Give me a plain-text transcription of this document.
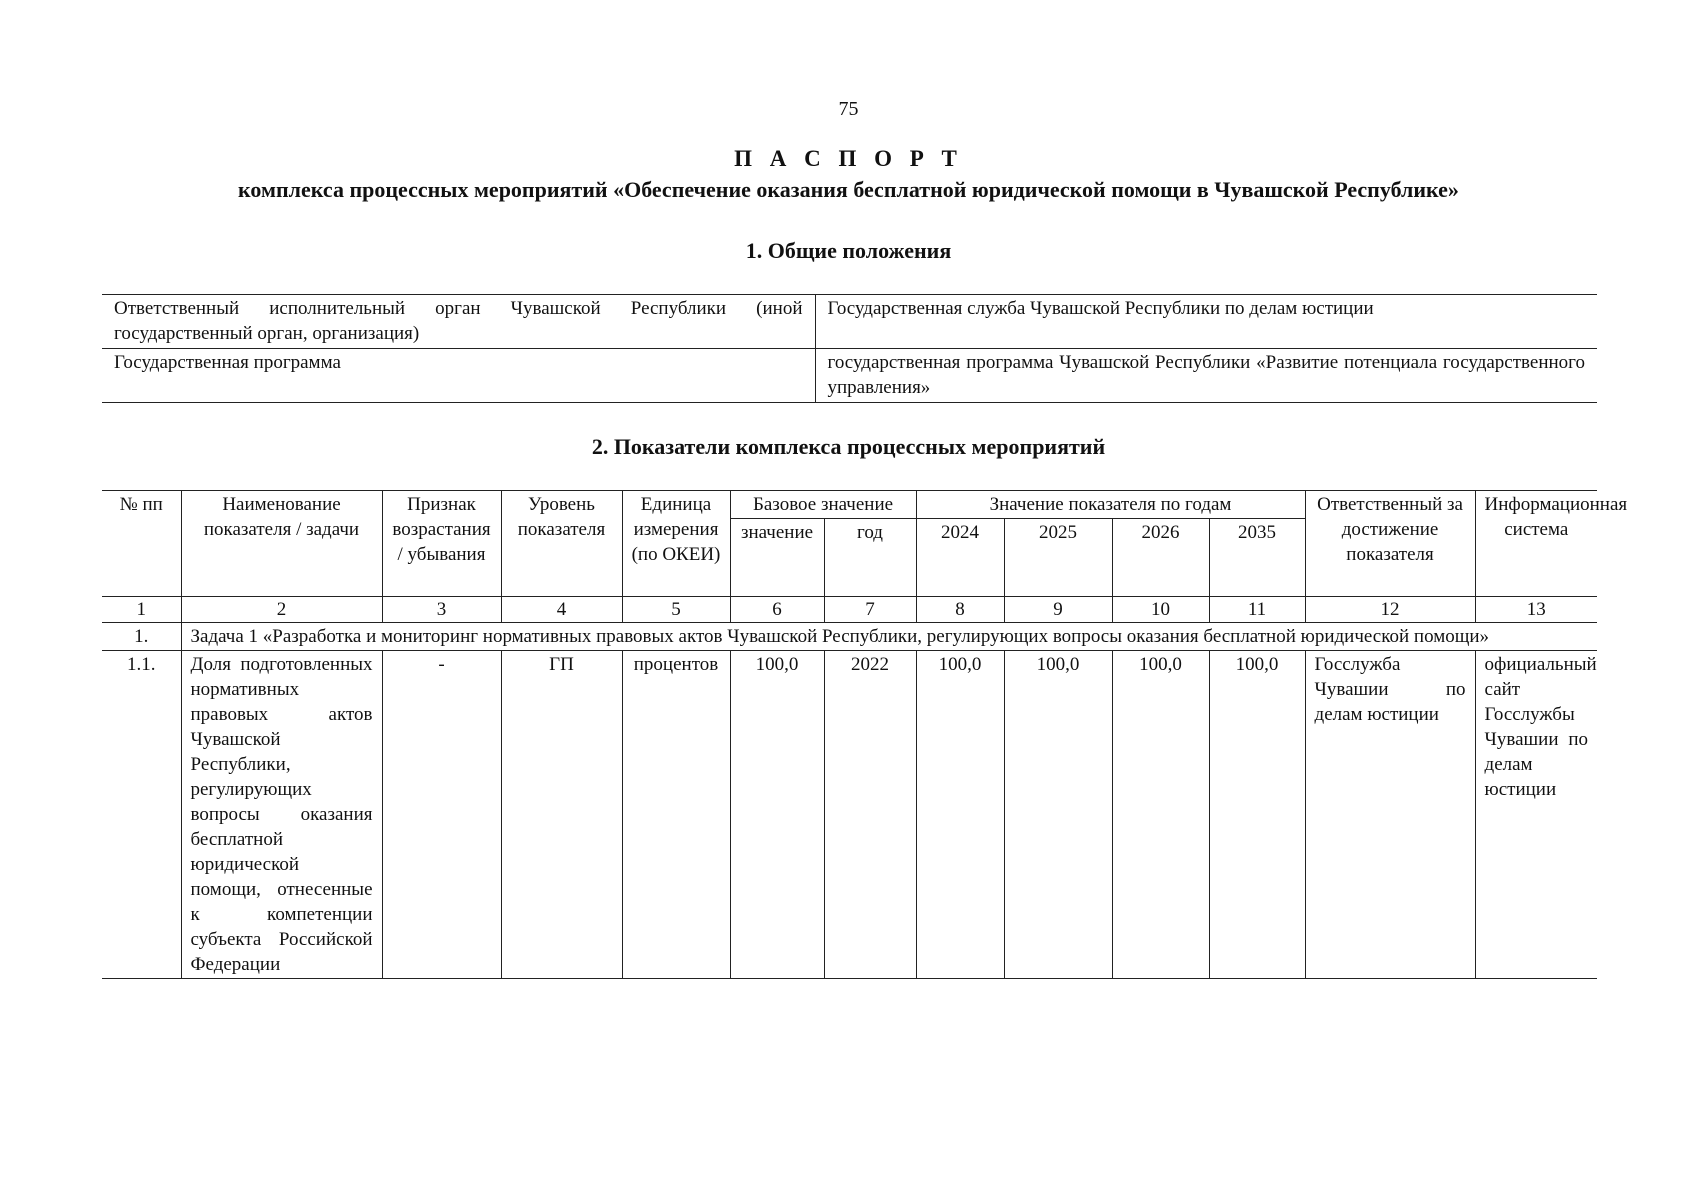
75
П А С П О Р Т
комплекса процессных мероприятий «Обеспечение оказания бесплатной юридической помощи в Чувашской Республике»
1. Общие положения
Ответственный исполнительный орган Чувашской Республики (иной государственный орган, организация)	Государственная служба Чувашской Республики по делам юстиции
Государственная программа	государственная программа Чувашской Республики «Развитие потенциала государственного управления»
2. Показатели комплекса процессных мероприятий
№ пп	Наименование показателя / задачи	Признак возрастания / убывания	Уровень показателя	Единица измерения (по ОКЕИ)	Базовое значение		Значение показателя по годам				Ответственный за достижение показателя	Информационная система
					значение	год	2024	2025	2026	2035		
1	2	3	4	5	6	7	8	9	10	11	12	13
1.	Задача 1 «Разработка и мониторинг нормативных правовых актов Чувашской Республики, регулирующих вопросы оказания бесплатной юридической помощи»											
1.1.	Доля подготовленных нормативных правовых актов Чувашской Республики, регулирующих вопросы оказания бесплатной юридической помощи, отнесенные к компетенции субъекта Российской Федерации	-	ГП	процентов	100,0	2022	100,0	100,0	100,0	100,0	Госслужба Чувашии по делам юстиции	официальный сайт Госслужбы Чувашии по делам юстиции
